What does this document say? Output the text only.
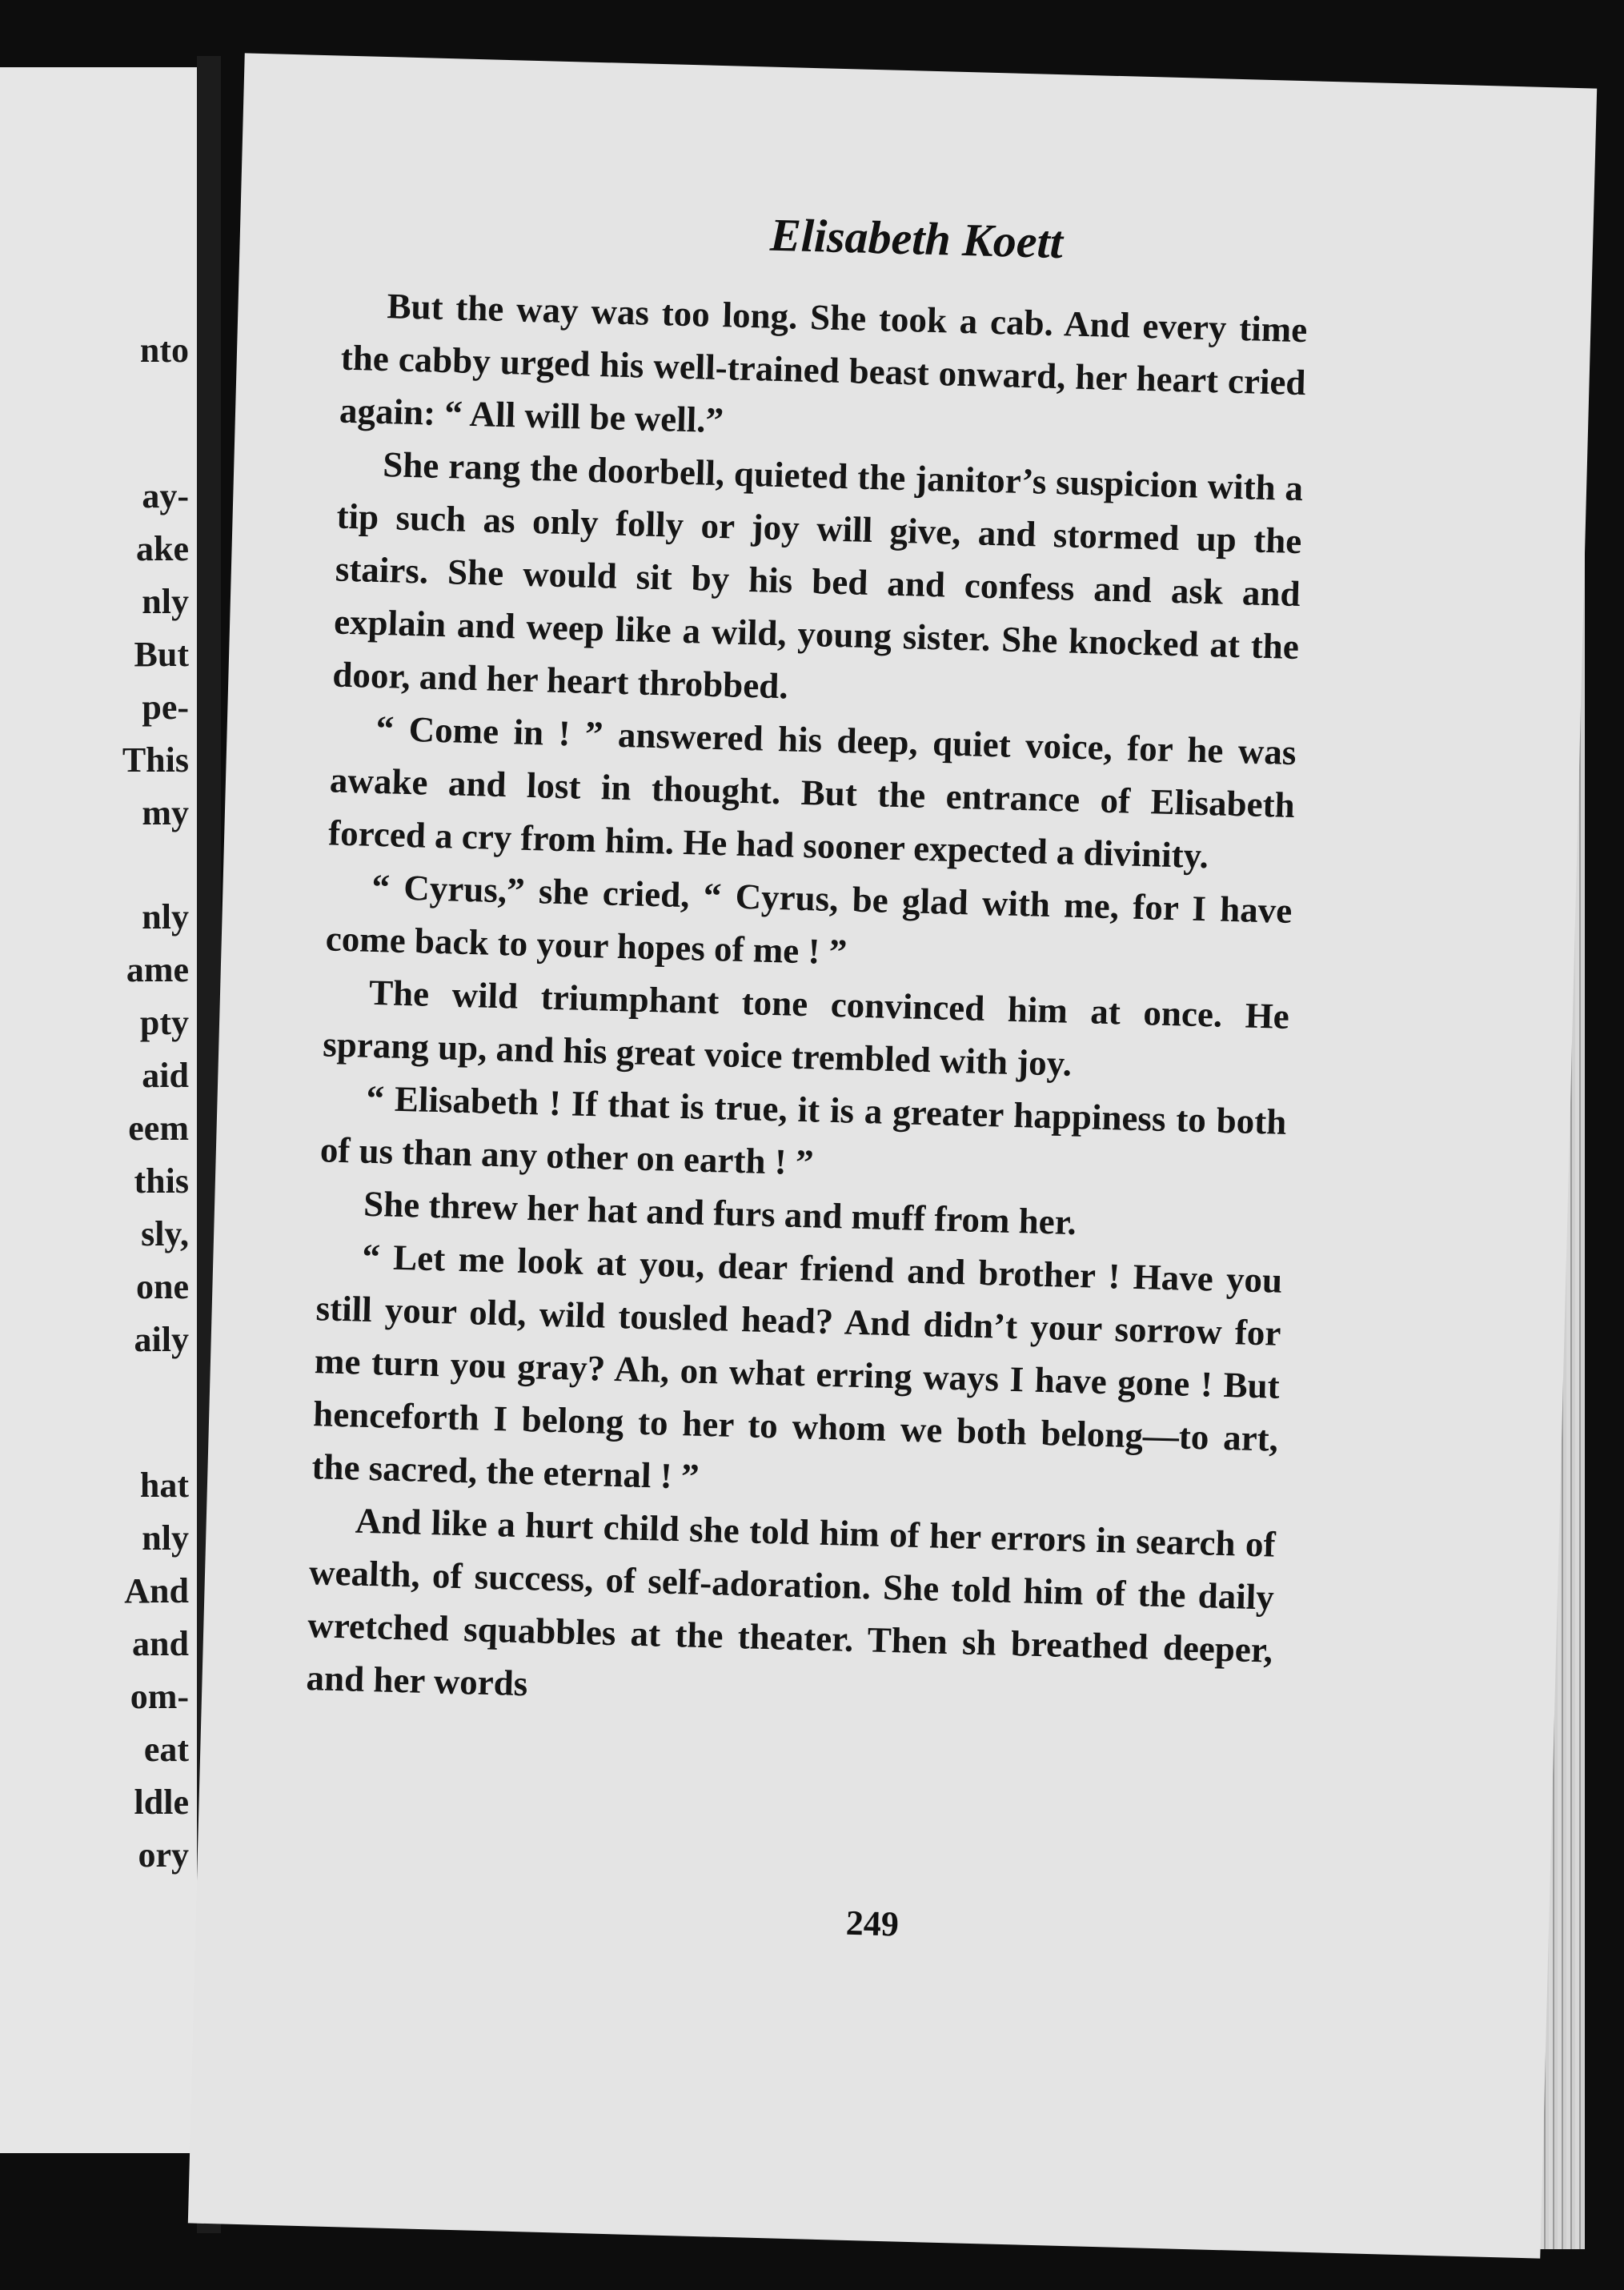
nto
ay-
ake
nly
But
pe-
This
my
nly
ame
pty
aid
eem
this
sly,
one
aily
hat
nly
And
and
om-
eat
ldle
ory
Elisabeth Koett

But the way was too long. She took a cab. And every time the cabby urged his well-trained beast onward, her heart cried again: “ All will be well.”

She rang the doorbell, quieted the janitor’s suspicion with a tip such as only folly or joy will give, and stormed up the stairs. She would sit by his bed and confess and ask and explain and weep like a wild, young sister. She knocked at the door, and her heart throbbed.

“ Come in ! ” answered his deep, quiet voice, for he was awake and lost in thought. But the entrance of Elisabeth forced a cry from him. He had sooner expected a divinity.

“ Cyrus,” she cried, “ Cyrus, be glad with me, for I have come back to your hopes of me ! ”

The wild triumphant tone convinced him at once. He sprang up, and his great voice trembled with joy.

“ Elisabeth ! If that is true, it is a greater happiness to both of us than any other on earth ! ”

She threw her hat and furs and muff from her.

“ Let me look at you, dear friend and brother ! Have you still your old, wild tousled head? And didn’t your sorrow for me turn you gray? Ah, on what erring ways I have gone ! But henceforth I belong to her to whom we both belong—to art, the sacred, the eternal ! ”

And like a hurt child she told him of her errors in search of wealth, of success, of self-adoration. She told him of the daily wretched squabbles at the theater. Then sh breathed deeper, and her words

249
